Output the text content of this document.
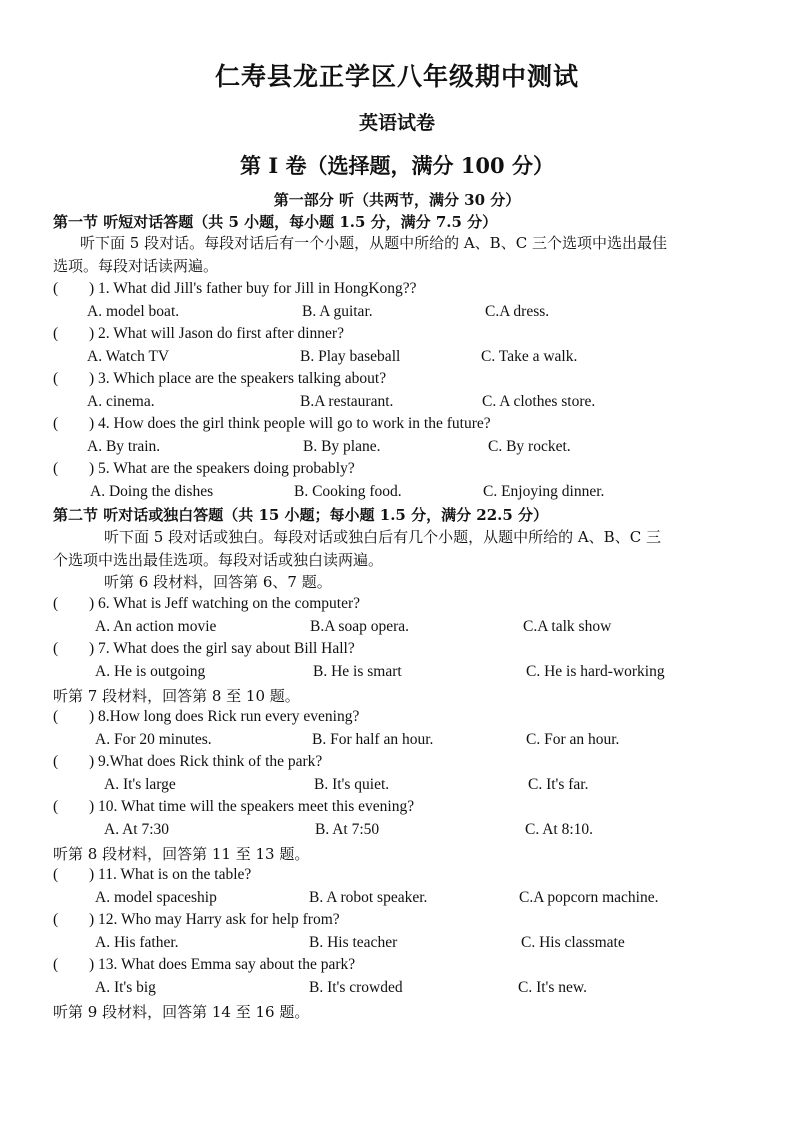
仁寿县龙正学区八年级期中测试
英语试卷
第 I 卷（选择题，满分 100 分）
第一部分 听（共两节，满分 30 分）
第一节 听短对话答题（共 5 小题，每小题 1.5 分，满分 7.5 分）
听下面 5 段对话。每段对话后有一个小题，从题中所给的 A、B、C 三个选项中选出最佳
选项。每段对话读两遍。
( ) 1. What did Jill's father buy for Jill in HongKong??
A. model boat.	B. A guitar.	C.A dress.
( ) 2. What will Jason do first after dinner?
A. Watch TV	B. Play baseball	C. Take a walk.
( ) 3. Which place are the speakers talking about?
A. cinema.	B.A restaurant.	C. A clothes store.
( ) 4. How does the girl think people will go to work in the future?
A. By train.	B. By plane.	C. By rocket.
( ) 5. What are the speakers doing probably?
A. Doing the dishes	B. Cooking food.	C. Enjoying dinner.
第二节 听对话或独白答题（共 15 小题；每小题 1.5 分，满分 22.5 分）
听下面 5 段对话或独白。每段对话或独白后有几个小题，从题中所给的 A、B、C 三
个选项中选出最佳选项。每段对话或独白读两遍。
听第 6 段材料，回答第 6、7 题。
( ) 6. What is Jeff watching on the computer?
A. An action movie	B.A soap opera.	C.A talk show
( ) 7. What does the girl say about Bill Hall?
A. He is outgoing	B. He is smart	C. He is hard-working
听第 7 段材料，回答第 8 至 10 题。
( ) 8.How long does Rick run every evening?
A. For 20 minutes.	B. For half an hour.	C. For an hour.
( ) 9.What does Rick think of the park?
A. It's large	B. It's quiet.	C. It's far.
( ) 10. What time will the speakers meet this evening?
A. At 7:30	B. At 7:50	C. At 8:10.
听第 8 段材料，回答第 11 至 13 题。
( ) 11. What is on the table?
A. model spaceship	B. A robot speaker.	C.A popcorn machine.
( ) 12. Who may Harry ask for help from?
A. His father.	B. His teacher	C. His classmate
( ) 13. What does Emma say about the park?
A. It's big	B. It's crowded	C. It's new.
听第 9 段材料，回答第 14 至 16 题。
